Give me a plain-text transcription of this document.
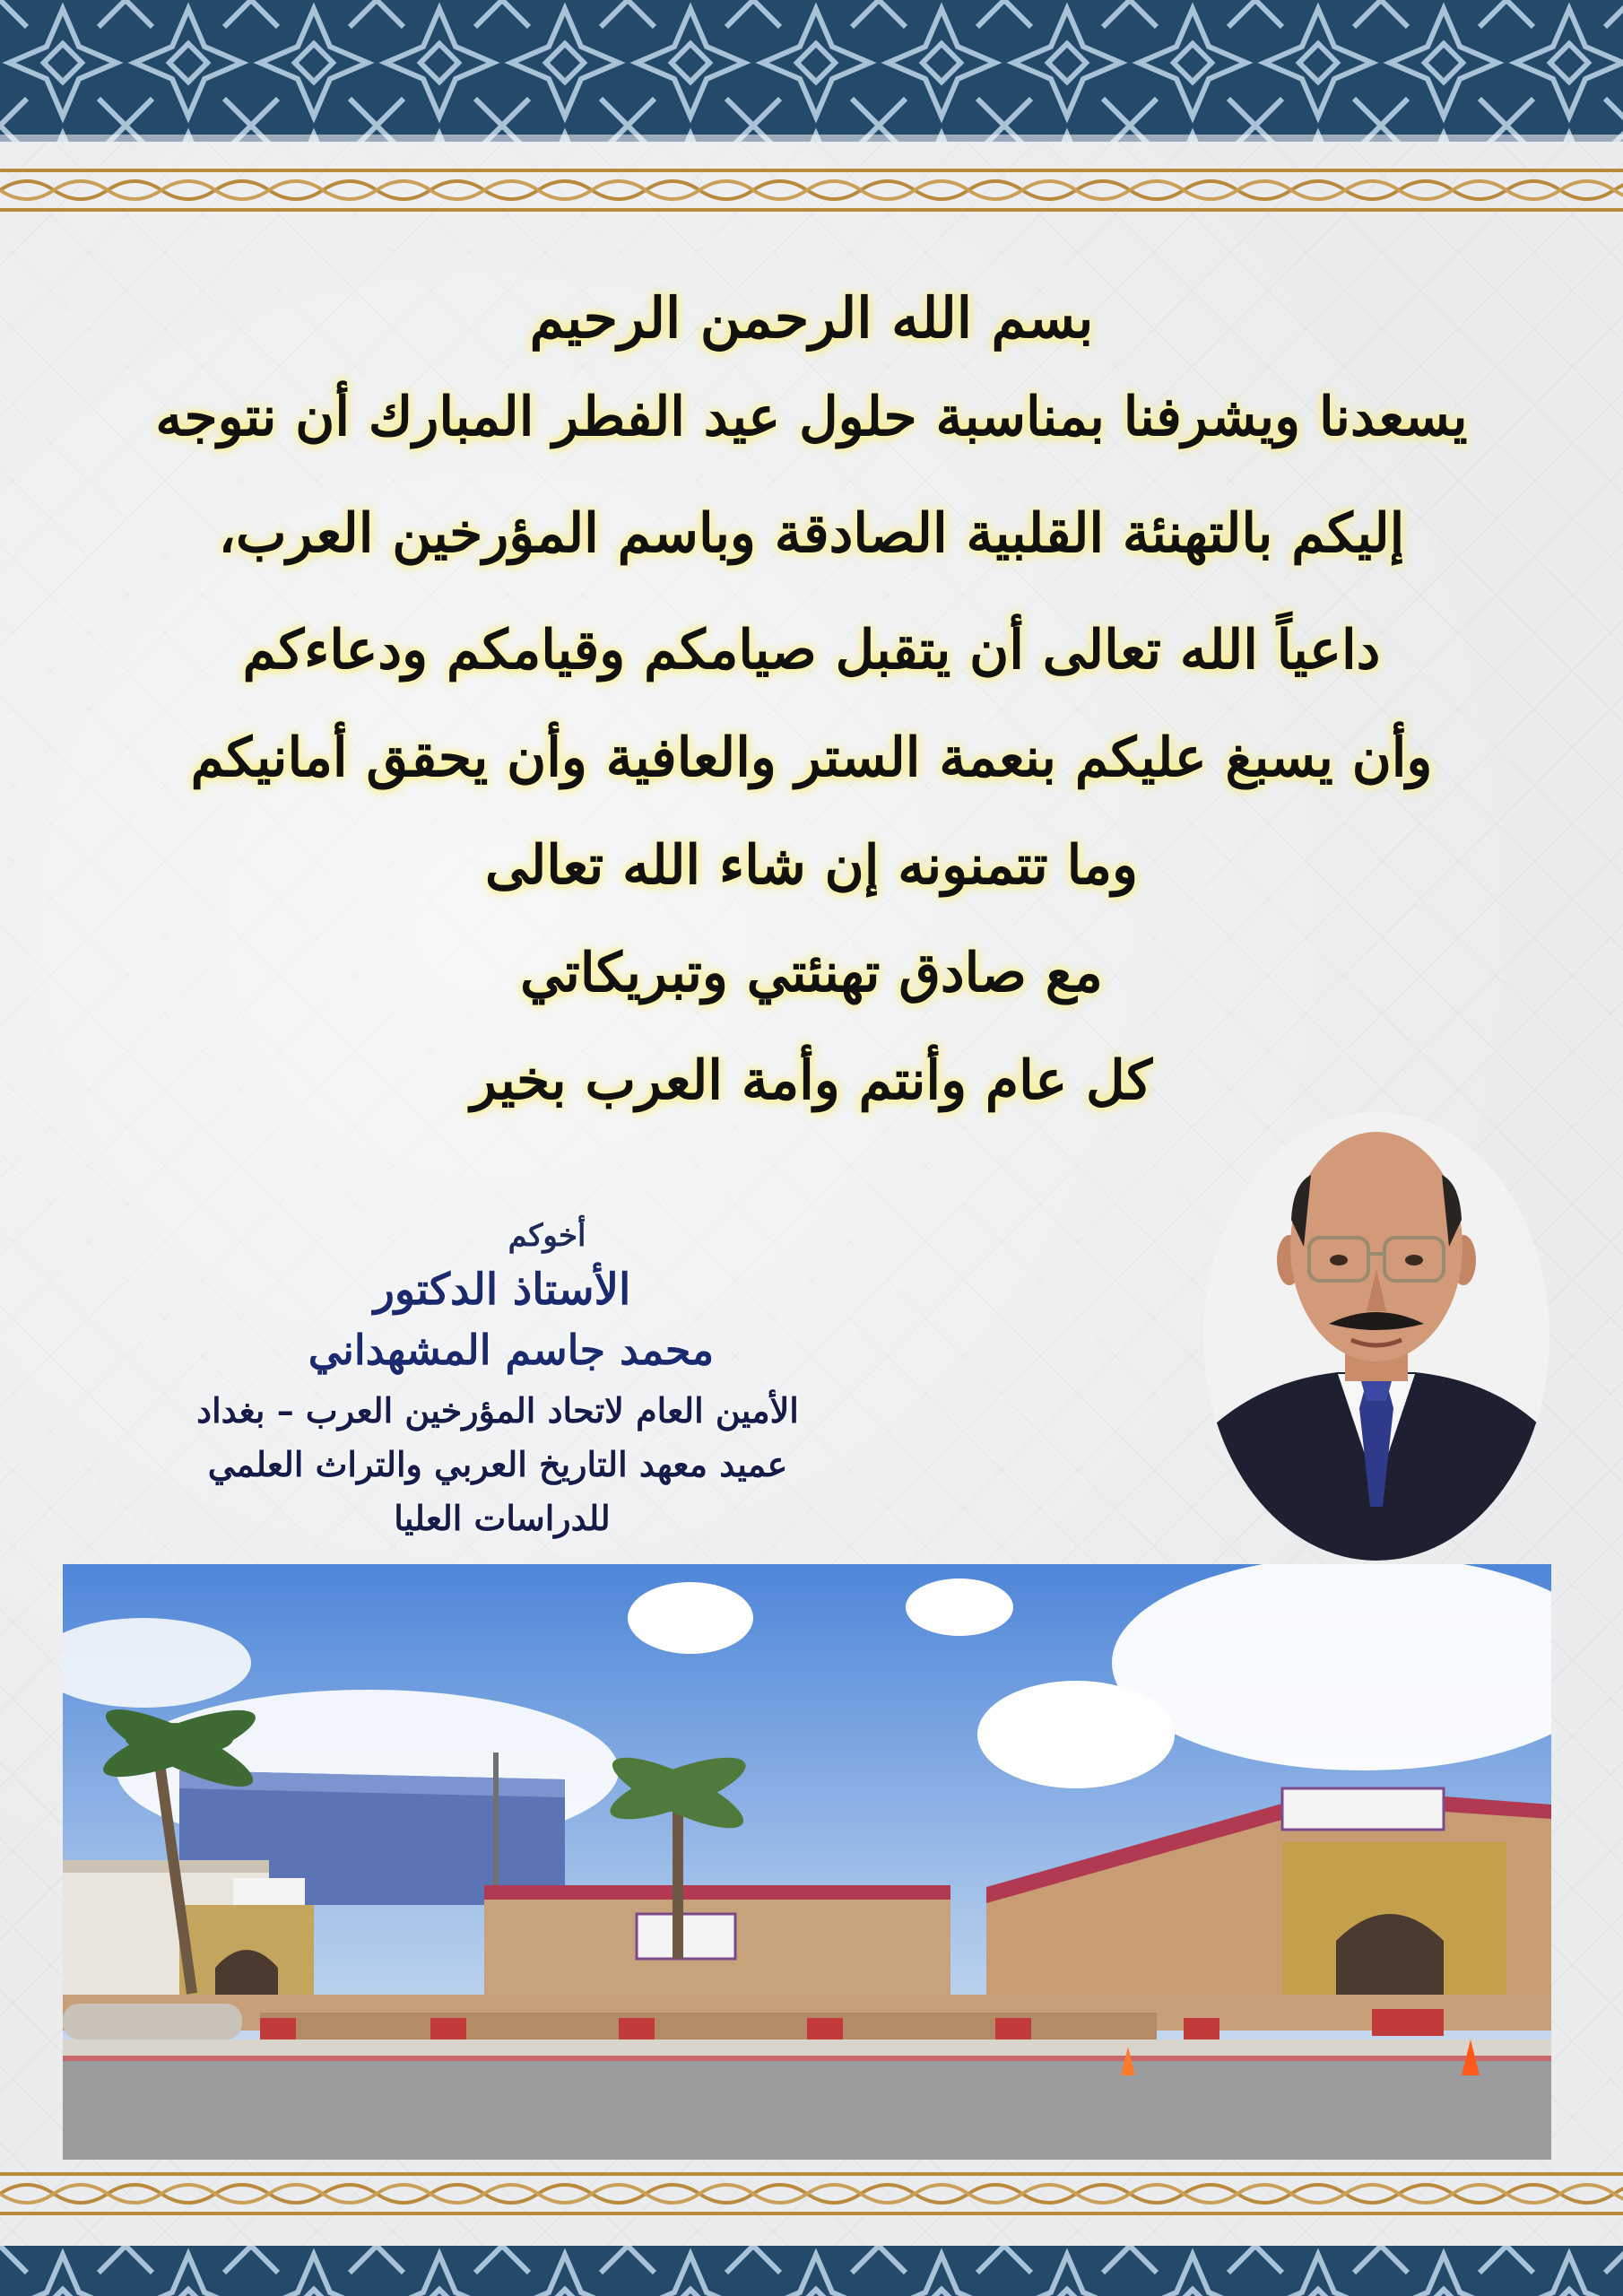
بسم الله الرحمن الرحيم
يسعدنا ويشرفنا بمناسبة حلول عيد الفطر المبارك أن نتوجه
إليكم بالتهنئة القلبية الصادقة وباسم المؤرخين العرب،
داعياً الله تعالى أن يتقبل صيامكم وقيامكم ودعاءكم
وأن يسبغ عليكم بنعمة الستر والعافية وأن يحقق أمانيكم
وما تتمنونه إن شاء الله تعالى
مع صادق تهنئتي وتبريكاتي
كل عام وأنتم وأمة العرب بخير
أخوكم
الأستاذ الدكتور
محمد جاسم المشهداني
الأمين العام لاتحاد المؤرخين العرب – بغداد
عميد معهد التاريخ العربي والتراث العلمي
للدراسات العليا
